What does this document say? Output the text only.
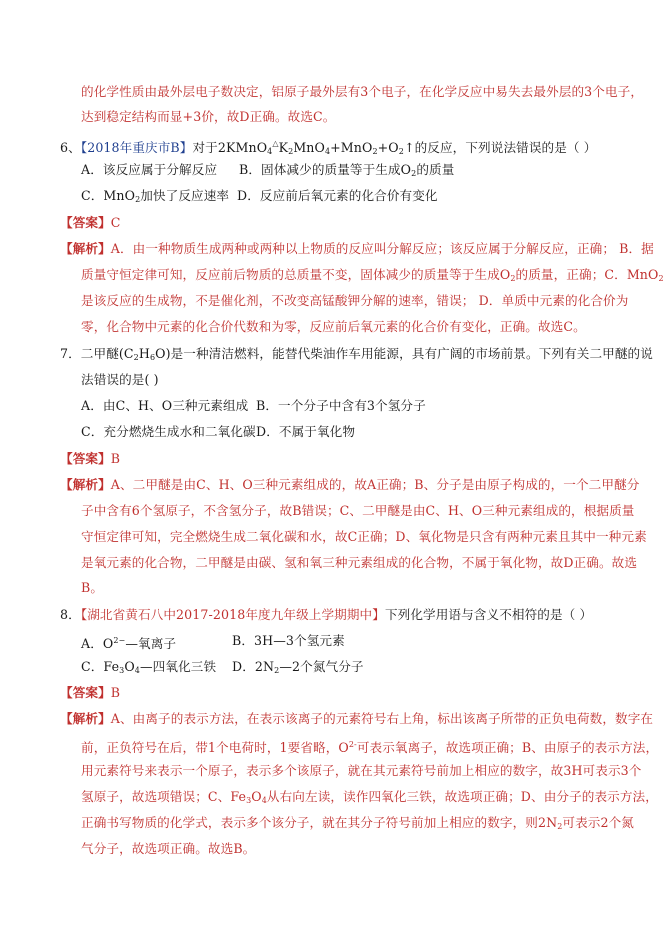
的化学性质由最外层电子数决定，铝原子最外层有3个电子，在化学反应中易失去最外层的3个电子，
达到稳定结构而显+3价，故D正确。故选C。
6、【2018年重庆市B】对于$2KMnO_4^\triangle K_2MnO_4+MnO_2+O_2↑$的反应，下列说法错误的是（ ）
A．该反应属于分解反应 B．固体减少的质量等于生成$O_2$的质量
C．MnO$_2$加快了反应速率 D．反应前后氧元素的化合价有变化
【答案】C
【解析】A．由一种物质生成两种或两种以上物质的反应叫分解反应；该反应属于分解反应，正确； B．据
质量守恒定律可知，反应前后物质的总质量不变，固体减少的质量等于生成$O_2$的质量，正确；C．MnO$_2$
是该反应的生成物，不是催化剂，不改变高锰酸钾分解的速率，错误； D．单质中元素的化合价为
零，化合物中元素的化合价代数和为零，反应前后氧元素的化合价有变化，正确。故选C。
7．二甲醚$(C_2H_6O)$是一种清洁燃料，能替代柴油作车用能源，具有广阔的市场前景。下列有关二甲醚的说
法错误的是( )
A．由C、H、O三种元素组成 B．一个分子中含有3个氢分子
C．充分燃烧生成水和二氧化碳 D．不属于氧化物
【答案】B
【解析】A、二甲醚是由C、H、O三种元素组成的，故A正确；B、分子是由原子构成的，一个二甲醚分
子中含有6个氢原子，不含氢分子，故B错误；C、二甲醚是由C、H、O三种元素组成的，根据质量
守恒定律可知，完全燃烧生成二氧化碳和水，故C正确；D、氧化物是只含有两种元素且其中一种元素
是氧元素的化合物，二甲醚是由碳、氢和氧三种元素组成的化合物，不属于氧化物，故D正确。故选
B。
8．【湖北省黄石八中2017-2018年度九年级上学期期中】下列化学用语与含义不相符的是（ ）
A．$O^{2-}—$氧离子	B．3H—3个氢元素
C．$Fe_3O_4—$四氧化三铁 D．$2N_2—2$个氮气分子
【答案】B
【解析】A、由离子的表示方法，在表示该离子的元素符号右上角，标出该离子所带的正负电荷数，数字在
前，正负符号在后，带1个电荷时，1要省略，$O^{2-}$可表示氧离子，故选项正确；B、由原子的表示方法，
用元素符号来表示一个原子，表示多个该原子，就在其元素符号前加上相应的数字，故3H可表示3个
氢原子，故选项错误；C、$Fe_3O_4$从右向左读，读作四氧化三铁，故选项正确；D、由分子的表示方法，
正确书写物质的化学式，表示多个该分子，就在其分子符号前加上相应的数字，则$2N_2$可表示2个氮
气分子，故选项正确。故选B。
